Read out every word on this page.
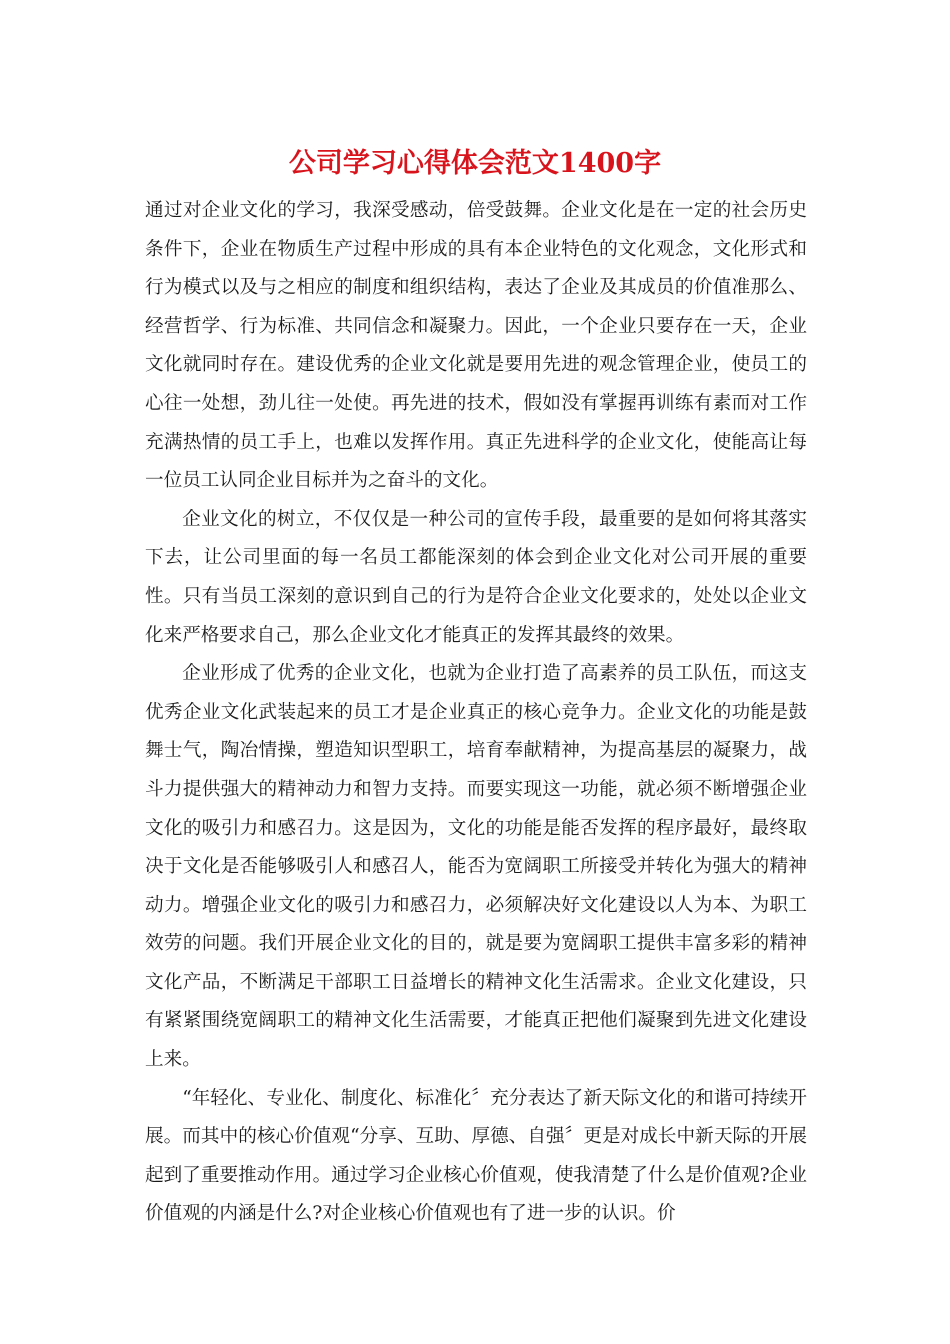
公司学习心得体会范文1400字

通过对企业文化的学习，我深受感动，倍受鼓舞。企业文化是在一定的社会历史条件下，企业在物质生产过程中形成的具有本企业特色的文化观念，文化形式和行为模式以及与之相应的制度和组织结构，表达了企业及其成员的价值准那么、经营哲学、行为标准、共同信念和凝聚力。因此，一个企业只要存在一天，企业文化就同时存在。建设优秀的企业文化就是要用先进的观念管理企业，使员工的心往一处想，劲儿往一处使。再先进的技术，假如没有掌握再训练有素而对工作充满热情的员工手上，也难以发挥作用。真正先进科学的企业文化，使能高让每一位员工认同企业目标并为之奋斗的文化。

企业文化的树立，不仅仅是一种公司的宣传手段，最重要的是如何将其落实下去，让公司里面的每一名员工都能深刻的体会到企业文化对公司开展的重要性。只有当员工深刻的意识到自己的行为是符合企业文化要求的，处处以企业文化来严格要求自己，那么企业文化才能真正的发挥其最终的效果。

企业形成了优秀的企业文化，也就为企业打造了高素养的员工队伍，而这支优秀企业文化武装起来的员工才是企业真正的核心竞争力。企业文化的功能是鼓舞士气，陶冶情操，塑造知识型职工，培育奉献精神，为提高基层的凝聚力，战斗力提供强大的精神动力和智力支持。而要实现这一功能，就必须不断增强企业文化的吸引力和感召力。这是因为，文化的功能是能否发挥的程序最好，最终取决于文化是否能够吸引人和感召人，能否为宽阔职工所接受并转化为强大的精神动力。增强企业文化的吸引力和感召力，必须解决好文化建设以人为本、为职工效劳的问题。我们开展企业文化的目的，就是要为宽阔职工提供丰富多彩的精神文化产品，不断满足干部职工日益增长的精神文化生活需求。企业文化建设，只有紧紧围绕宽阔职工的精神文化生活需要，才能真正把他们凝聚到先进文化建设上来。

“年轻化、专业化、制度化、标准化〞充分表达了新天际文化的和谐可持续开展。而其中的核心价值观“分享、互助、厚德、自强〞更是对成长中新天际的开展起到了重要推动作用。通过学习企业核心价值观，使我清楚了什么是价值观?企业价值观的内涵是什么?对企业核心价值观也有了进一步的认识。价
